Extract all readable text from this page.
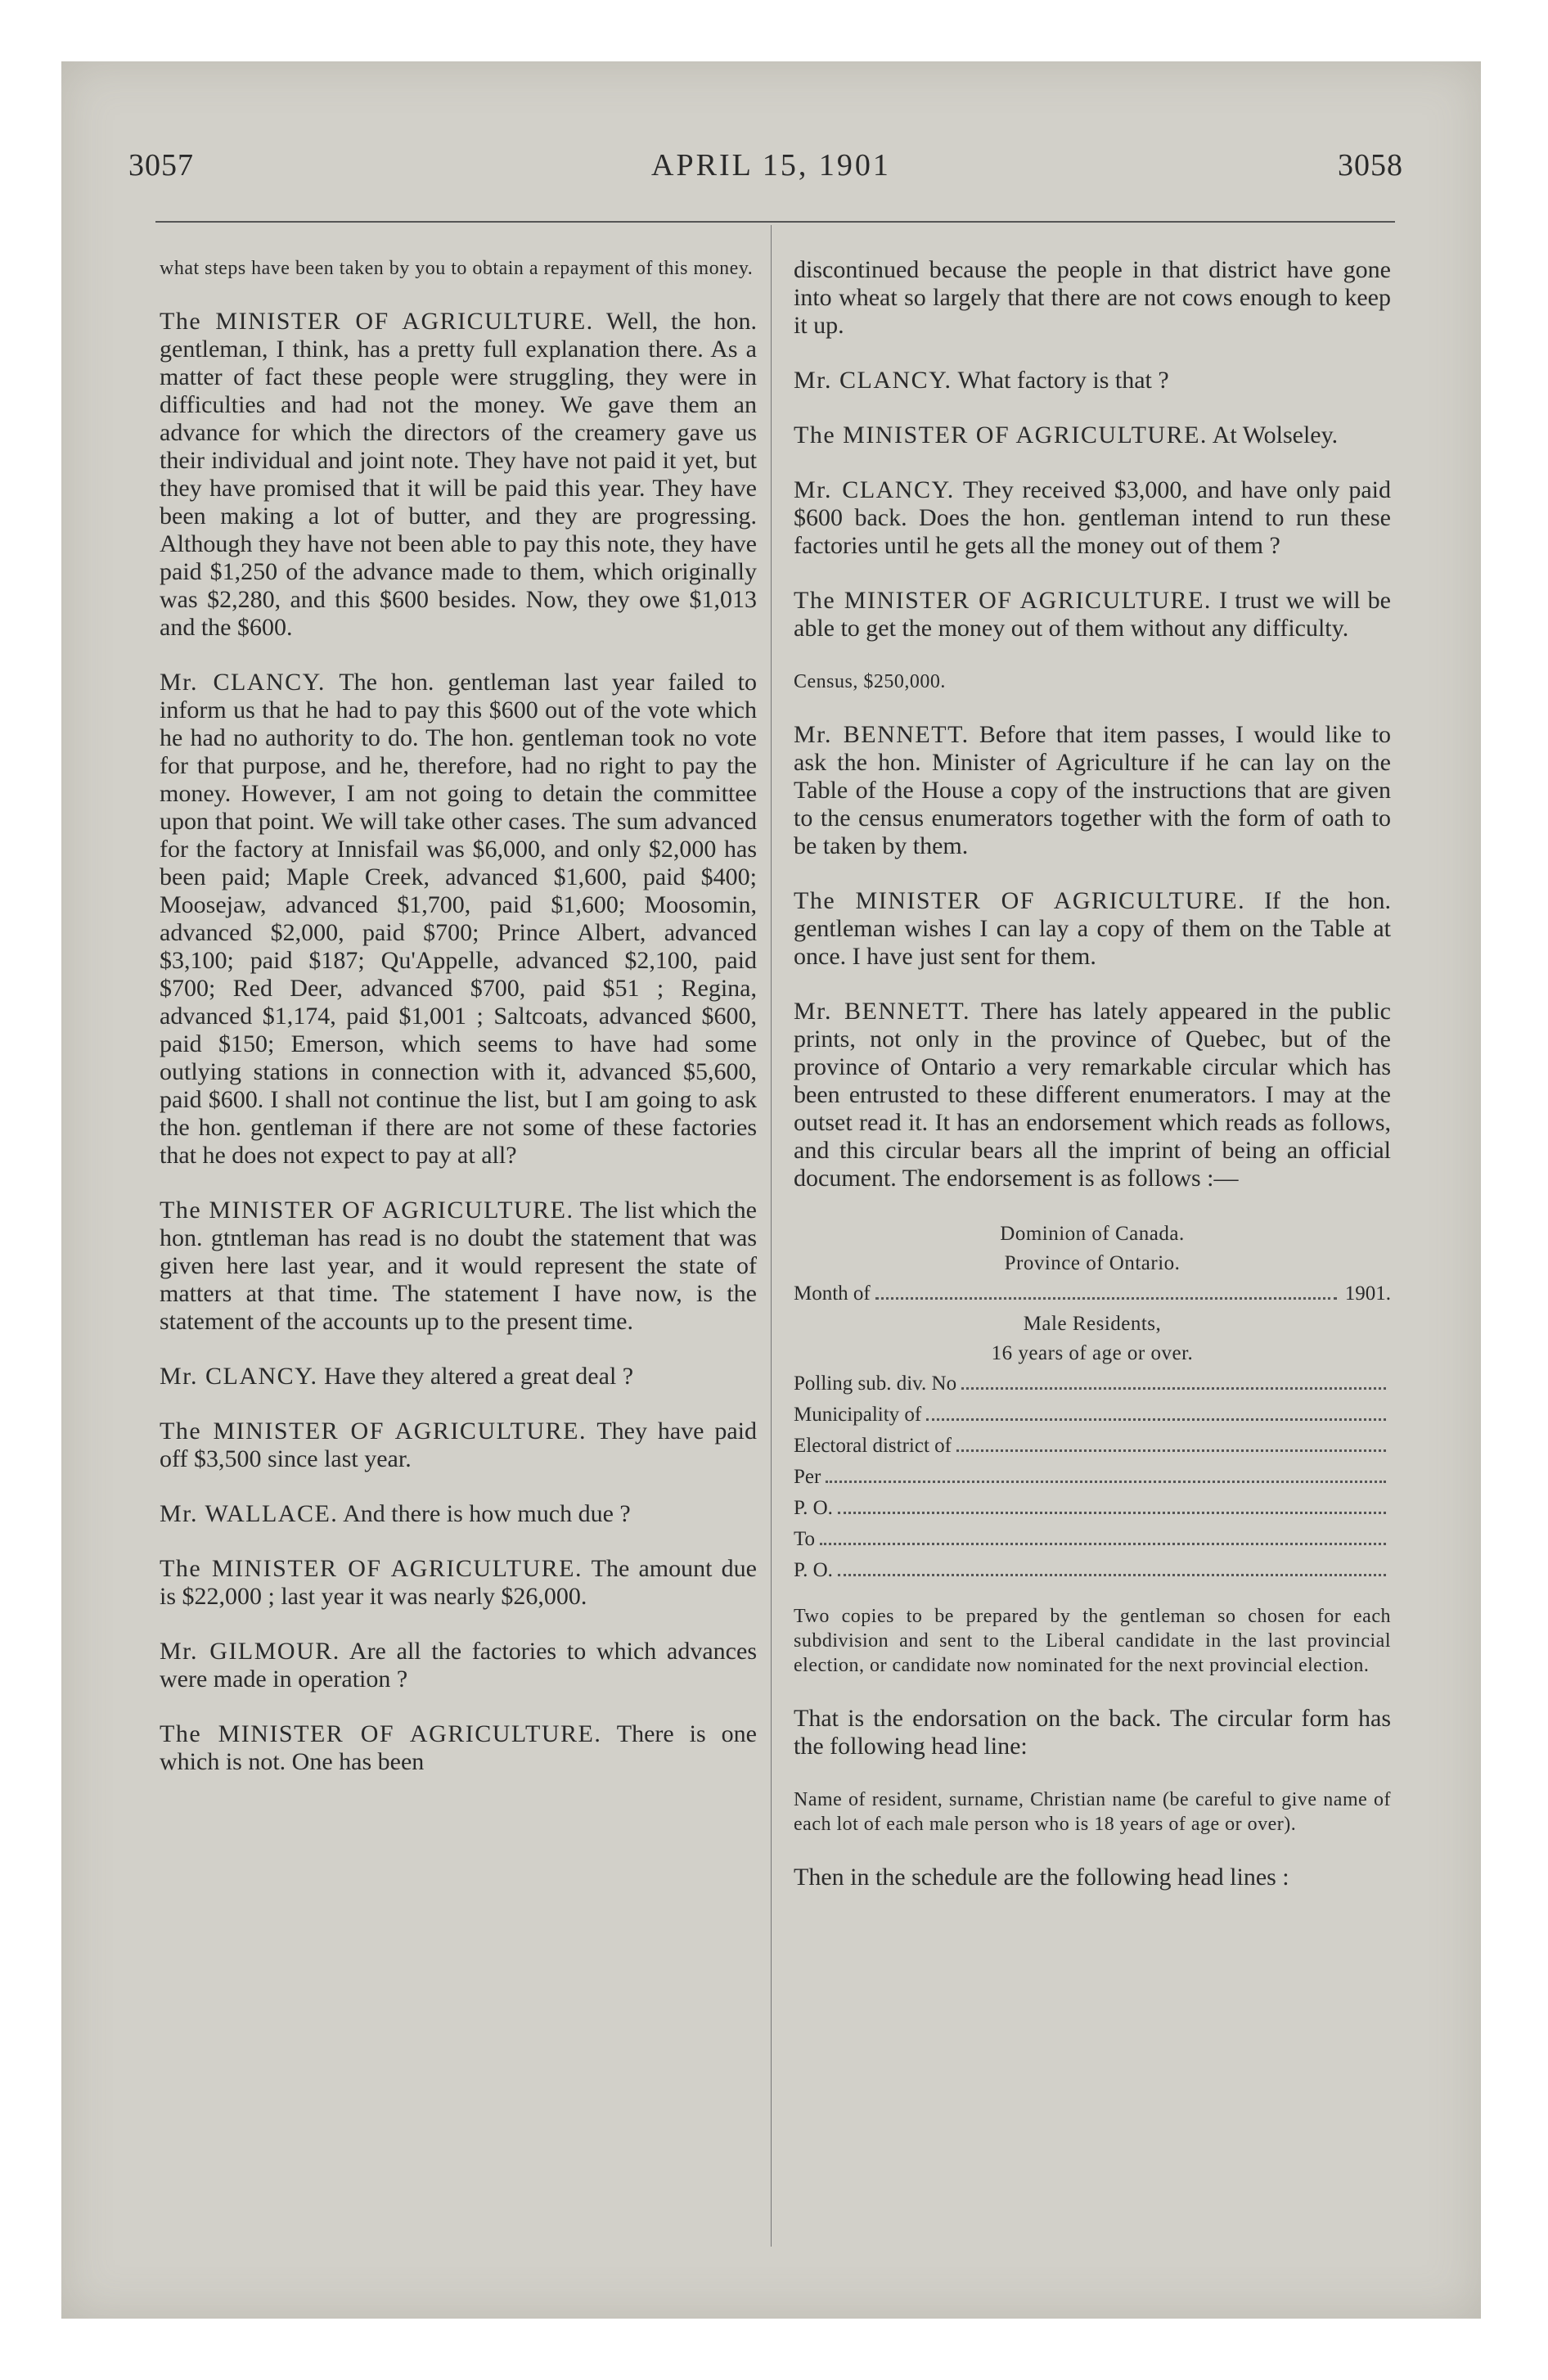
3057	APRIL 15, 1901	3058

what steps have been taken by you to obtain a repayment of this money.

The MINISTER OF AGRICULTURE. Well, the hon. gentleman, I think, has a pretty full explanation there. As a matter of fact these people were struggling, they were in difficulties and had not the money. We gave them an advance for which the directors of the creamery gave us their individual and joint note. They have not paid it yet, but they have promised that it will be paid this year. They have been making a lot of butter, and they are progressing. Although they have not been able to pay this note, they have paid $1,250 of the advance made to them, which originally was $2,280, and this $600 besides. Now, they owe $1,013 and the $600.

Mr. CLANCY. The hon. gentleman last year failed to inform us that he had to pay this $600 out of the vote which he had no authority to do. The hon. gentleman took no vote for that purpose, and he, therefore, had no right to pay the money. However, I am not going to detain the committee upon that point. We will take other cases. The sum advanced for the factory at Innisfail was $6,000, and only $2,000 has been paid; Maple Creek, advanced $1,600, paid $400; Moosejaw, advanced $1,700, paid $1,600; Moosomin, advanced $2,000, paid $700; Prince Albert, advanced $3,100; paid $187; Qu'Appelle, advanced $2,100, paid $700; Red Deer, advanced $700, paid $51 ; Regina, advanced $1,174, paid $1,001 ; Saltcoats, advanced $600, paid $150; Emerson, which seems to have had some outlying stations in connection with it, advanced $5,600, paid $600. I shall not continue the list, but I am going to ask the hon. gentleman if there are not some of these factories that he does not expect to pay at all?

The MINISTER OF AGRICULTURE. The list which the hon. gtntleman has read is no doubt the statement that was given here last year, and it would represent the state of matters at that time. The statement I have now, is the statement of the accounts up to the present time.

Mr. CLANCY. Have they altered a great deal ?

The MINISTER OF AGRICULTURE. They have paid off $3,500 since last year.

Mr. WALLACE. And there is how much due ?

The MINISTER OF AGRICULTURE. The amount due is $22,000 ; last year it was nearly $26,000.

Mr. GILMOUR. Are all the factories to which advances were made in operation ?

The MINISTER OF AGRICULTURE. There is one which is not. One has been

discontinued because the people in that district have gone into wheat so largely that there are not cows enough to keep it up.

Mr. CLANCY. What factory is that ?

The MINISTER OF AGRICULTURE. At Wolseley.

Mr. CLANCY. They received $3,000, and have only paid $600 back. Does the hon. gentleman intend to run these factories until he gets all the money out of them ?

The MINISTER OF AGRICULTURE. I trust we will be able to get the money out of them without any difficulty.

Census, $250,000.

Mr. BENNETT. Before that item passes, I would like to ask the hon. Minister of Agriculture if he can lay on the Table of the House a copy of the instructions that are given to the census enumerators together with the form of oath to be taken by them.

The MINISTER OF AGRICULTURE. If the hon. gentleman wishes I can lay a copy of them on the Table at once. I have just sent for them.

Mr. BENNETT. There has lately appeared in the public prints, not only in the province of Quebec, but of the province of Ontario a very remarkable circular which has been entrusted to these different enumerators. I may at the outset read it. It has an endorsement which reads as follows, and this circular bears all the imprint of being an official document. The endorsement is as follows :—

Dominion of Canada.
Province of Ontario.
Month of	1901.
Male Residents,
16 years of age or over.
Polling sub. div. No
Municipality of
Electoral district of
Per
P. O.
To
P. O.

Two copies to be prepared by the gentleman so chosen for each subdivision and sent to the Liberal candidate in the last provincial election, or candidate now nominated for the next provincial election.

That is the endorsation on the back. The circular form has the following head line:

Name of resident, surname, Christian name (be careful to give name of each lot of each male person who is 18 years of age or over).

Then in the schedule are the following head lines :
